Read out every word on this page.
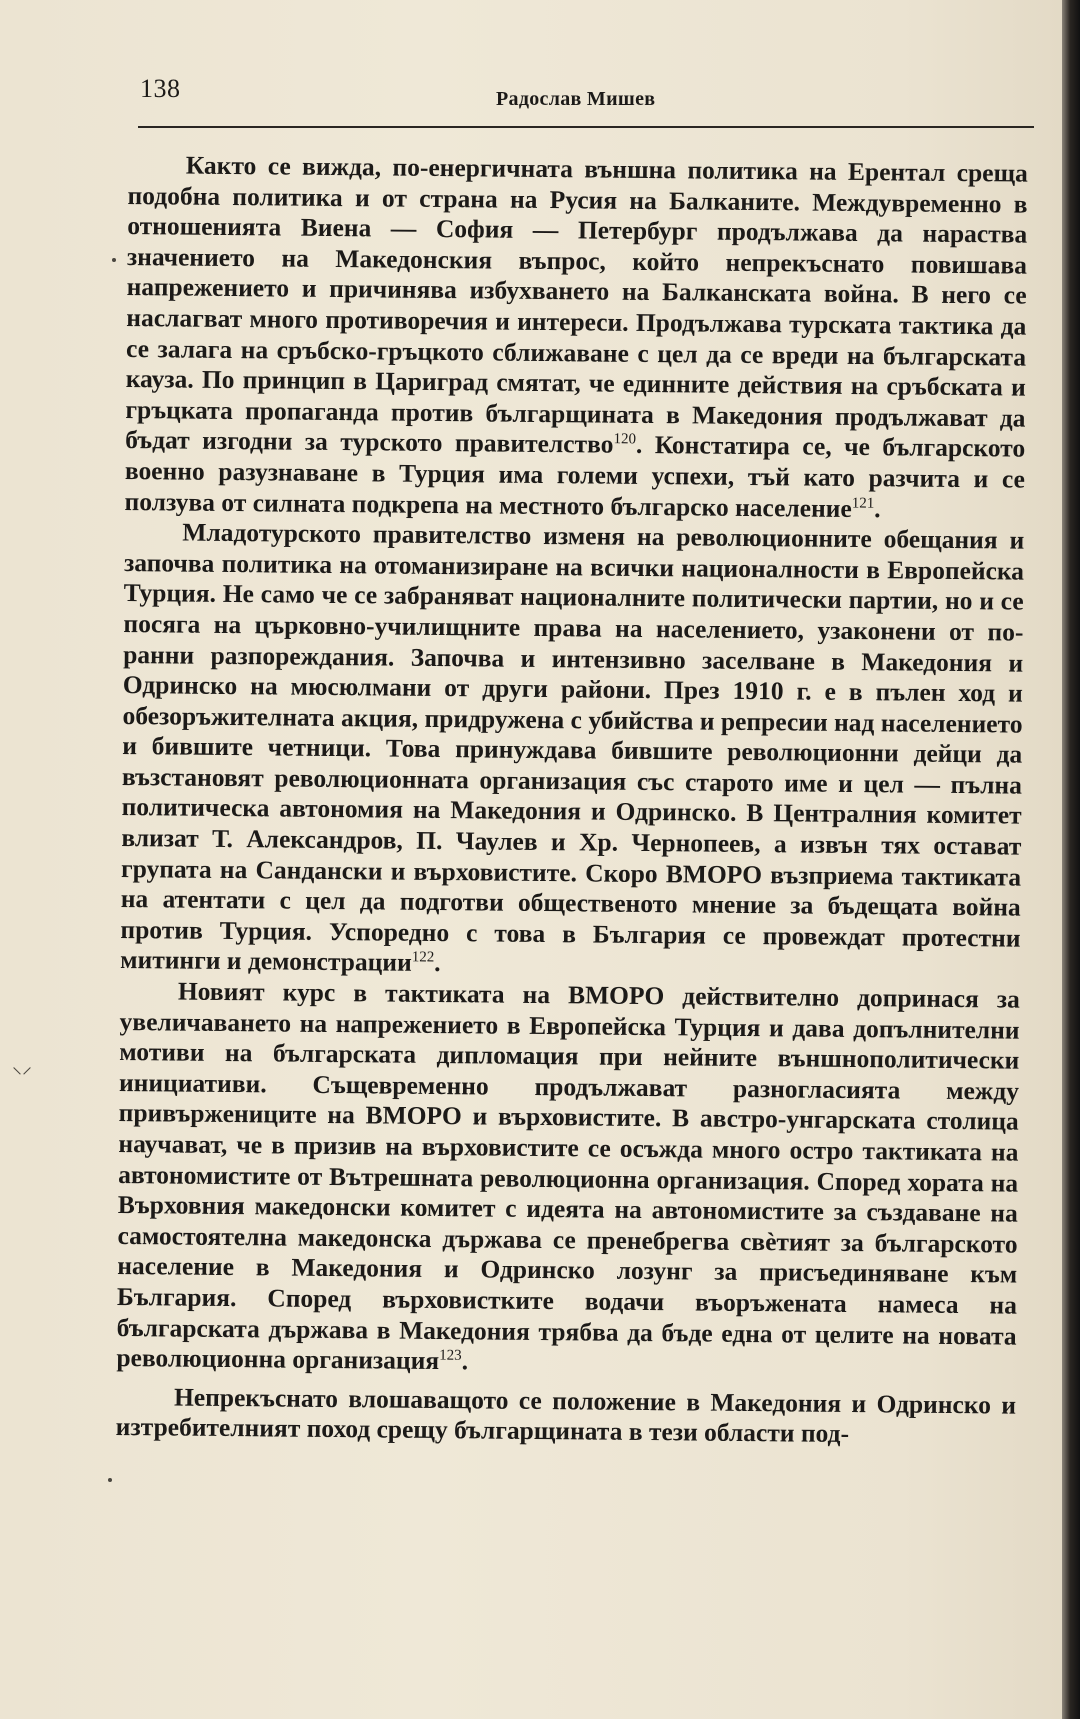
138	Радослав Мишев
⸜⸝

Както се вижда, по-енергичната външна политика на Ерентал среща подобна политика и от страна на Русия на Балканите. Междувременно в отношенията Виена — София — Петербург продължава да нараства значението на Македонския въпрос, който непрекъснато повишава напрежението и причинява избухването на Балканската война. В него се наслагват много противоречия и интереси. Продължава турската тактика да се залага на сръбско-гръцкото сближаване с цел да се вреди на българската кауза. По принцип в Цариград смятат, че единните действия на сръбската и гръцката пропаганда против българщината в Македония продължават да бъдат изгодни за турското правителство$^{120}$. Констатира се, че българското военно разузнаване в Турция има големи успехи, тъй като разчита и се ползува от силната подкрепа на местното българско население$^{121}$.

Младотурското правителство изменя на революционните обещания и започва политика на отоманизиране на всички националности в Европейска Турция. Не само че се забраняват националните политически партии, но и се посяга на църковно-училищните права на населението, узаконени от по-ранни разпореждания. Започва и интензивно заселване в Македония и Одринско на мюсюлмани от други райони. През 1910 г. е в пълен ход и обезоръжителната акция, придружена с убийства и репресии над населението и бившите четници. Това принуждава бившите революционни дейци да възстановят революционната организация със старото име и цел — пълна политическа автономия на Македония и Одринско. В Централния комитет влизат Т. Александров, П. Чаулев и Хр. Чернопеев, а извън тях остават групата на Сандански и върховистите. Скоро ВМОРО възприема тактиката на атентати с цел да подготви общественото мнение за бъдещата война против Турция. Успоредно с това в България се провеждат протестни митинги и демонстрации$^{122}$.

Новият курс в тактиката на ВМОРО действително допринася за увеличаването на напрежението в Европейска Турция и дава допълнителни мотиви на българската дипломация при нейните външнополитически инициативи. Същевременно продължават разногласията между привържениците на ВМОРО и върховистите. В австро-унгарската столица научават, че в призив на върховистите се осъжда много остро тактиката на автономистите от Вътрешната революционна организация. Според хората на Върховния македонски комитет с идеята на автономистите за създаване на самостоятелна македонска държава се пренебрегва свѐтият за българското население в Македония и Одринско лозунг за присъединяване към България. Според върховистките водачи въоръжената намеса на българската държава в Македония трябва да бъде една от целите на новата революционна организация$^{123}$.

Непрекъснато влошаващото се положение в Македония и Одринско и изтребителният поход срещу българщината в тези области под-
